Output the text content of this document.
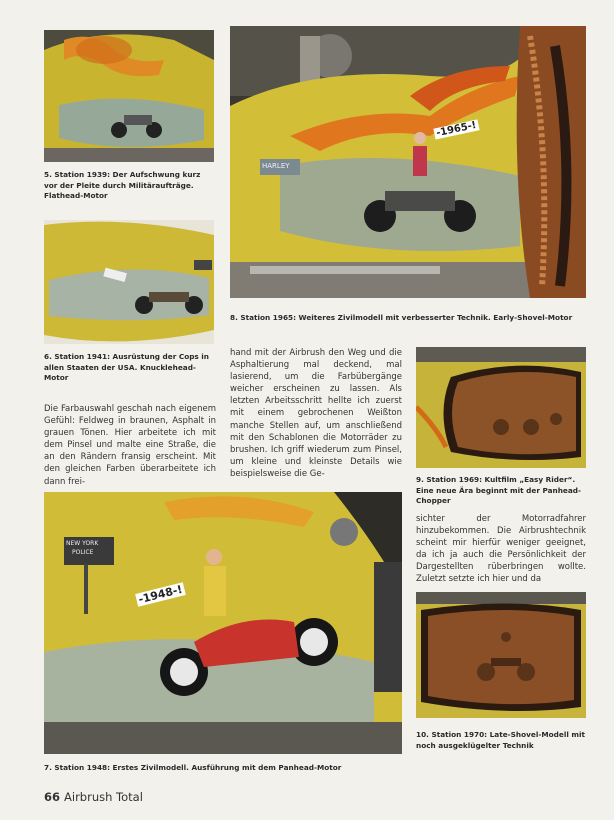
5. Station 1939: Der Aufschwung kurz vor der Pleite durch Militäraufträge. Flathead-Motor

6. Station 1941: Ausrüstung der Cops in allen Staaten der USA. Knucklehead-Motor

-1965-!
HARLEY

8. Station 1965: Weiteres Zivilmodell mit verbesserter Technik. Early-Shovel-Motor

Die Farbauswahl geschah nach eigenem Gefühl: Feldweg in braunen, Asphalt in grauen Tönen. Hier arbeitete ich mit dem Pinsel und malte eine Straße, die an den Rändern fransig erscheint. Mit den gleichen Farben überarbeitete ich dann frei-

hand mit der Airbrush den Weg und die Asphaltierung mal deckend, mal lasierend, um die Farbübergänge weicher erscheinen zu lassen. Als letzten Arbeitsschritt hellte ich zuerst mit einem gebrochenen Weißton manche Stellen auf, um anschließend mit den Schablonen die Motorräder zu brushen. Ich griff wiederum zum Pinsel, um kleine und kleinste Details wie beispielsweise die Ge-

9. Station 1969: Kultfilm „Easy Rider“. Eine neue Ära beginnt mit der Panhead-Chopper

-1948-!
NEW YORK
POLICE

7. Station 1948: Erstes Zivilmodell. Ausführung mit dem Panhead-Motor

sichter der Motorradfahrer hinzubekommen. Die Airbrushtechnik scheint mir hierfür weniger geeignet, da ich ja auch die Persönlichkeit der Dargestellten rüberbringen wollte. Zuletzt setzte ich hier und da

10. Station 1970: Late-Shovel-Modell mit noch ausgeklügelter Technik

66 Airbrush Total
